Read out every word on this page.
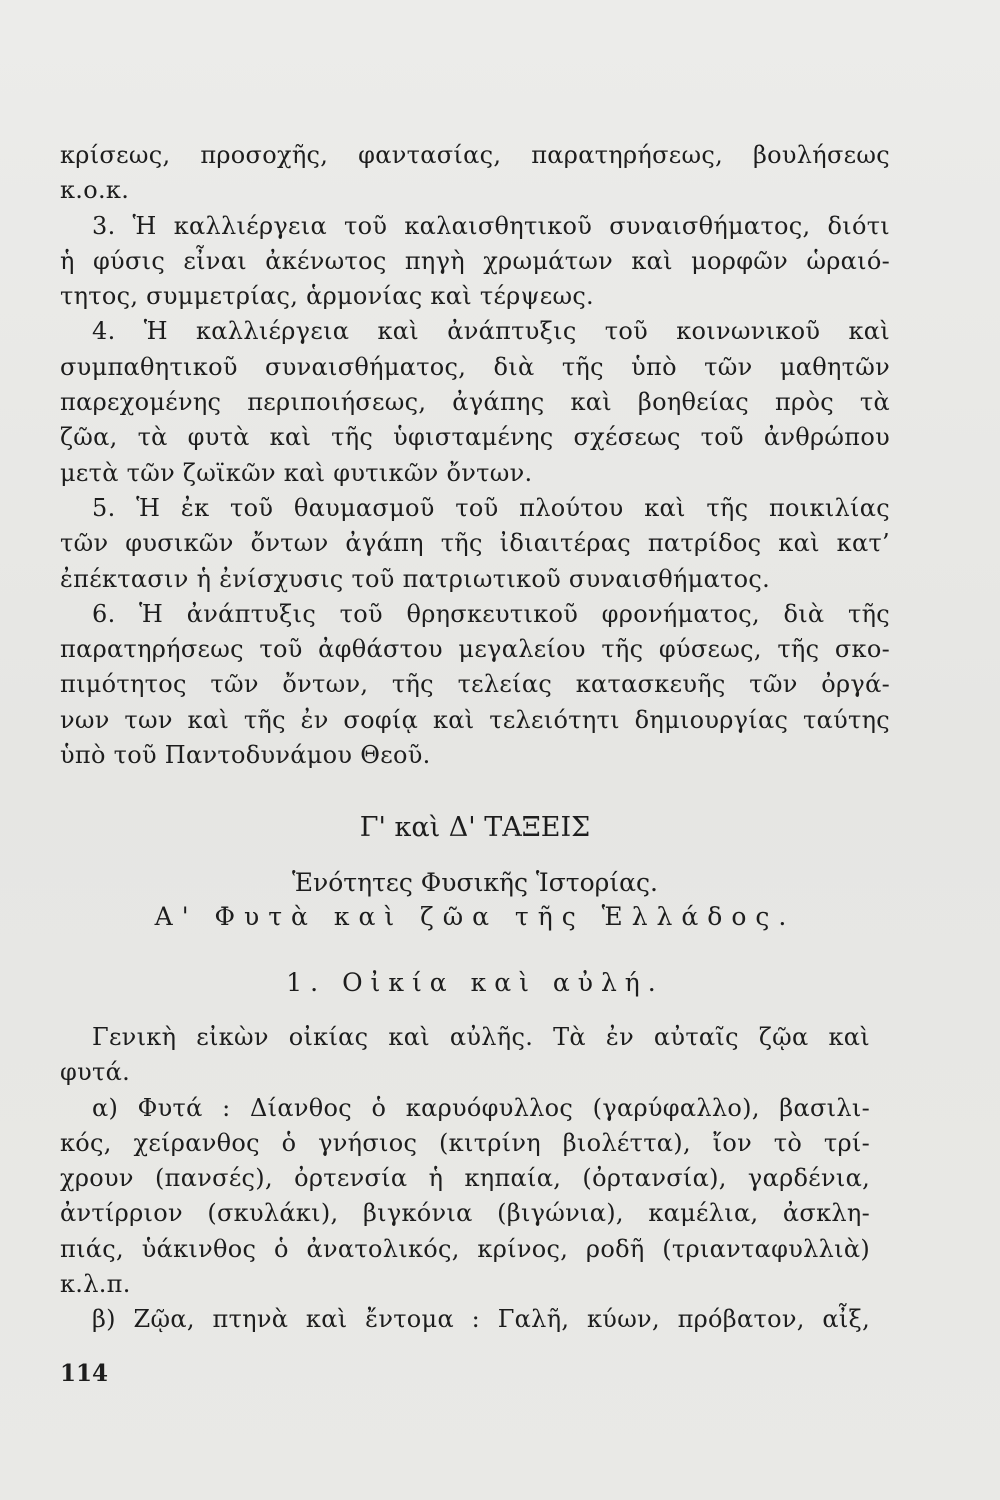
κρίσεως, προσοχῆς, φαντασίας, παρατηρήσεως, βουλήσεως
κ.ο.κ.
3. Ἡ καλλιέργεια τοῦ καλαισθητικοῦ συναισθήματος, διότι
ἡ φύσις εἶναι ἀκένωτος πηγὴ χρωμάτων καὶ μορφῶν ὡραιό-
τητος, συμμετρίας, ἁρμονίας καὶ τέρψεως.
4. Ἡ καλλιέργεια καὶ ἀνάπτυξις τοῦ κοινωνικοῦ καὶ
συμπαθητικοῦ συναισθήματος, διὰ τῆς ὑπὸ τῶν μαθητῶν
παρεχομένης περιποιήσεως, ἀγάπης καὶ βοηθείας πρὸς τὰ
ζῶα, τὰ φυτὰ καὶ τῆς ὑφισταμένης σχέσεως τοῦ ἀνθρώπου
μετὰ τῶν ζωϊκῶν καὶ φυτικῶν ὄντων.
5. Ἡ ἐκ τοῦ θαυμασμοῦ τοῦ πλούτου καὶ τῆς ποικιλίας
τῶν φυσικῶν ὄντων ἀγάπη τῆς ἰδιαιτέρας πατρίδος καὶ κατ’
ἐπέκτασιν ἡ ἐνίσχυσις τοῦ πατριωτικοῦ συναισθήματος.
6. Ἡ ἀνάπτυξις τοῦ θρησκευτικοῦ φρονήματος, διὰ τῆς
παρατηρήσεως τοῦ ἀφθάστου μεγαλείου τῆς φύσεως, τῆς σκο-
πιμότητος τῶν ὄντων, τῆς τελείας κατασκευῆς τῶν ὀργά-
νων των καὶ τῆς ἐν σοφίᾳ καὶ τελειότητι δημιουργίας ταύτης
ὑπὸ τοῦ Παντοδυνάμου Θεοῦ.
Γ' καὶ Δ' ΤΑΞΕΙΣ
Ἑνότητες Φυσικῆς Ἱστορίας.
Α' Φυτὰ καὶ ζῶα τῆς Ἑλλάδος.
1. Οἰκία καὶ αὐλή.
Γενικὴ εἰκὼν οἰκίας καὶ αὐλῆς. Τὰ ἐν αὐταῖς ζῷα καὶ
φυτά.
α) Φυτά : Δίανθος ὁ καρυόφυλλος (γαρύφαλλο), βασιλι-
κός, χείρανθος ὁ γνήσιος (κιτρίνη βιολέττα), ἴον τὸ τρί-
χρουν (πανσές), ὀρτενσία ἡ κηπαία, (ὀρτανσία), γαρδένια,
ἀντίρριον (σκυλάκι), βιγκόνια (βιγώνια), καμέλια, ἀσκλη-
πιάς, ὑάκινθος ὁ ἀνατολικός, κρίνος, ροδῆ (τριανταφυλλιὰ)
κ.λ.π.
β) Ζῷα, πτηνὰ καὶ ἔντομα : Γαλῆ, κύων, πρόβατον, αἶξ,
114
